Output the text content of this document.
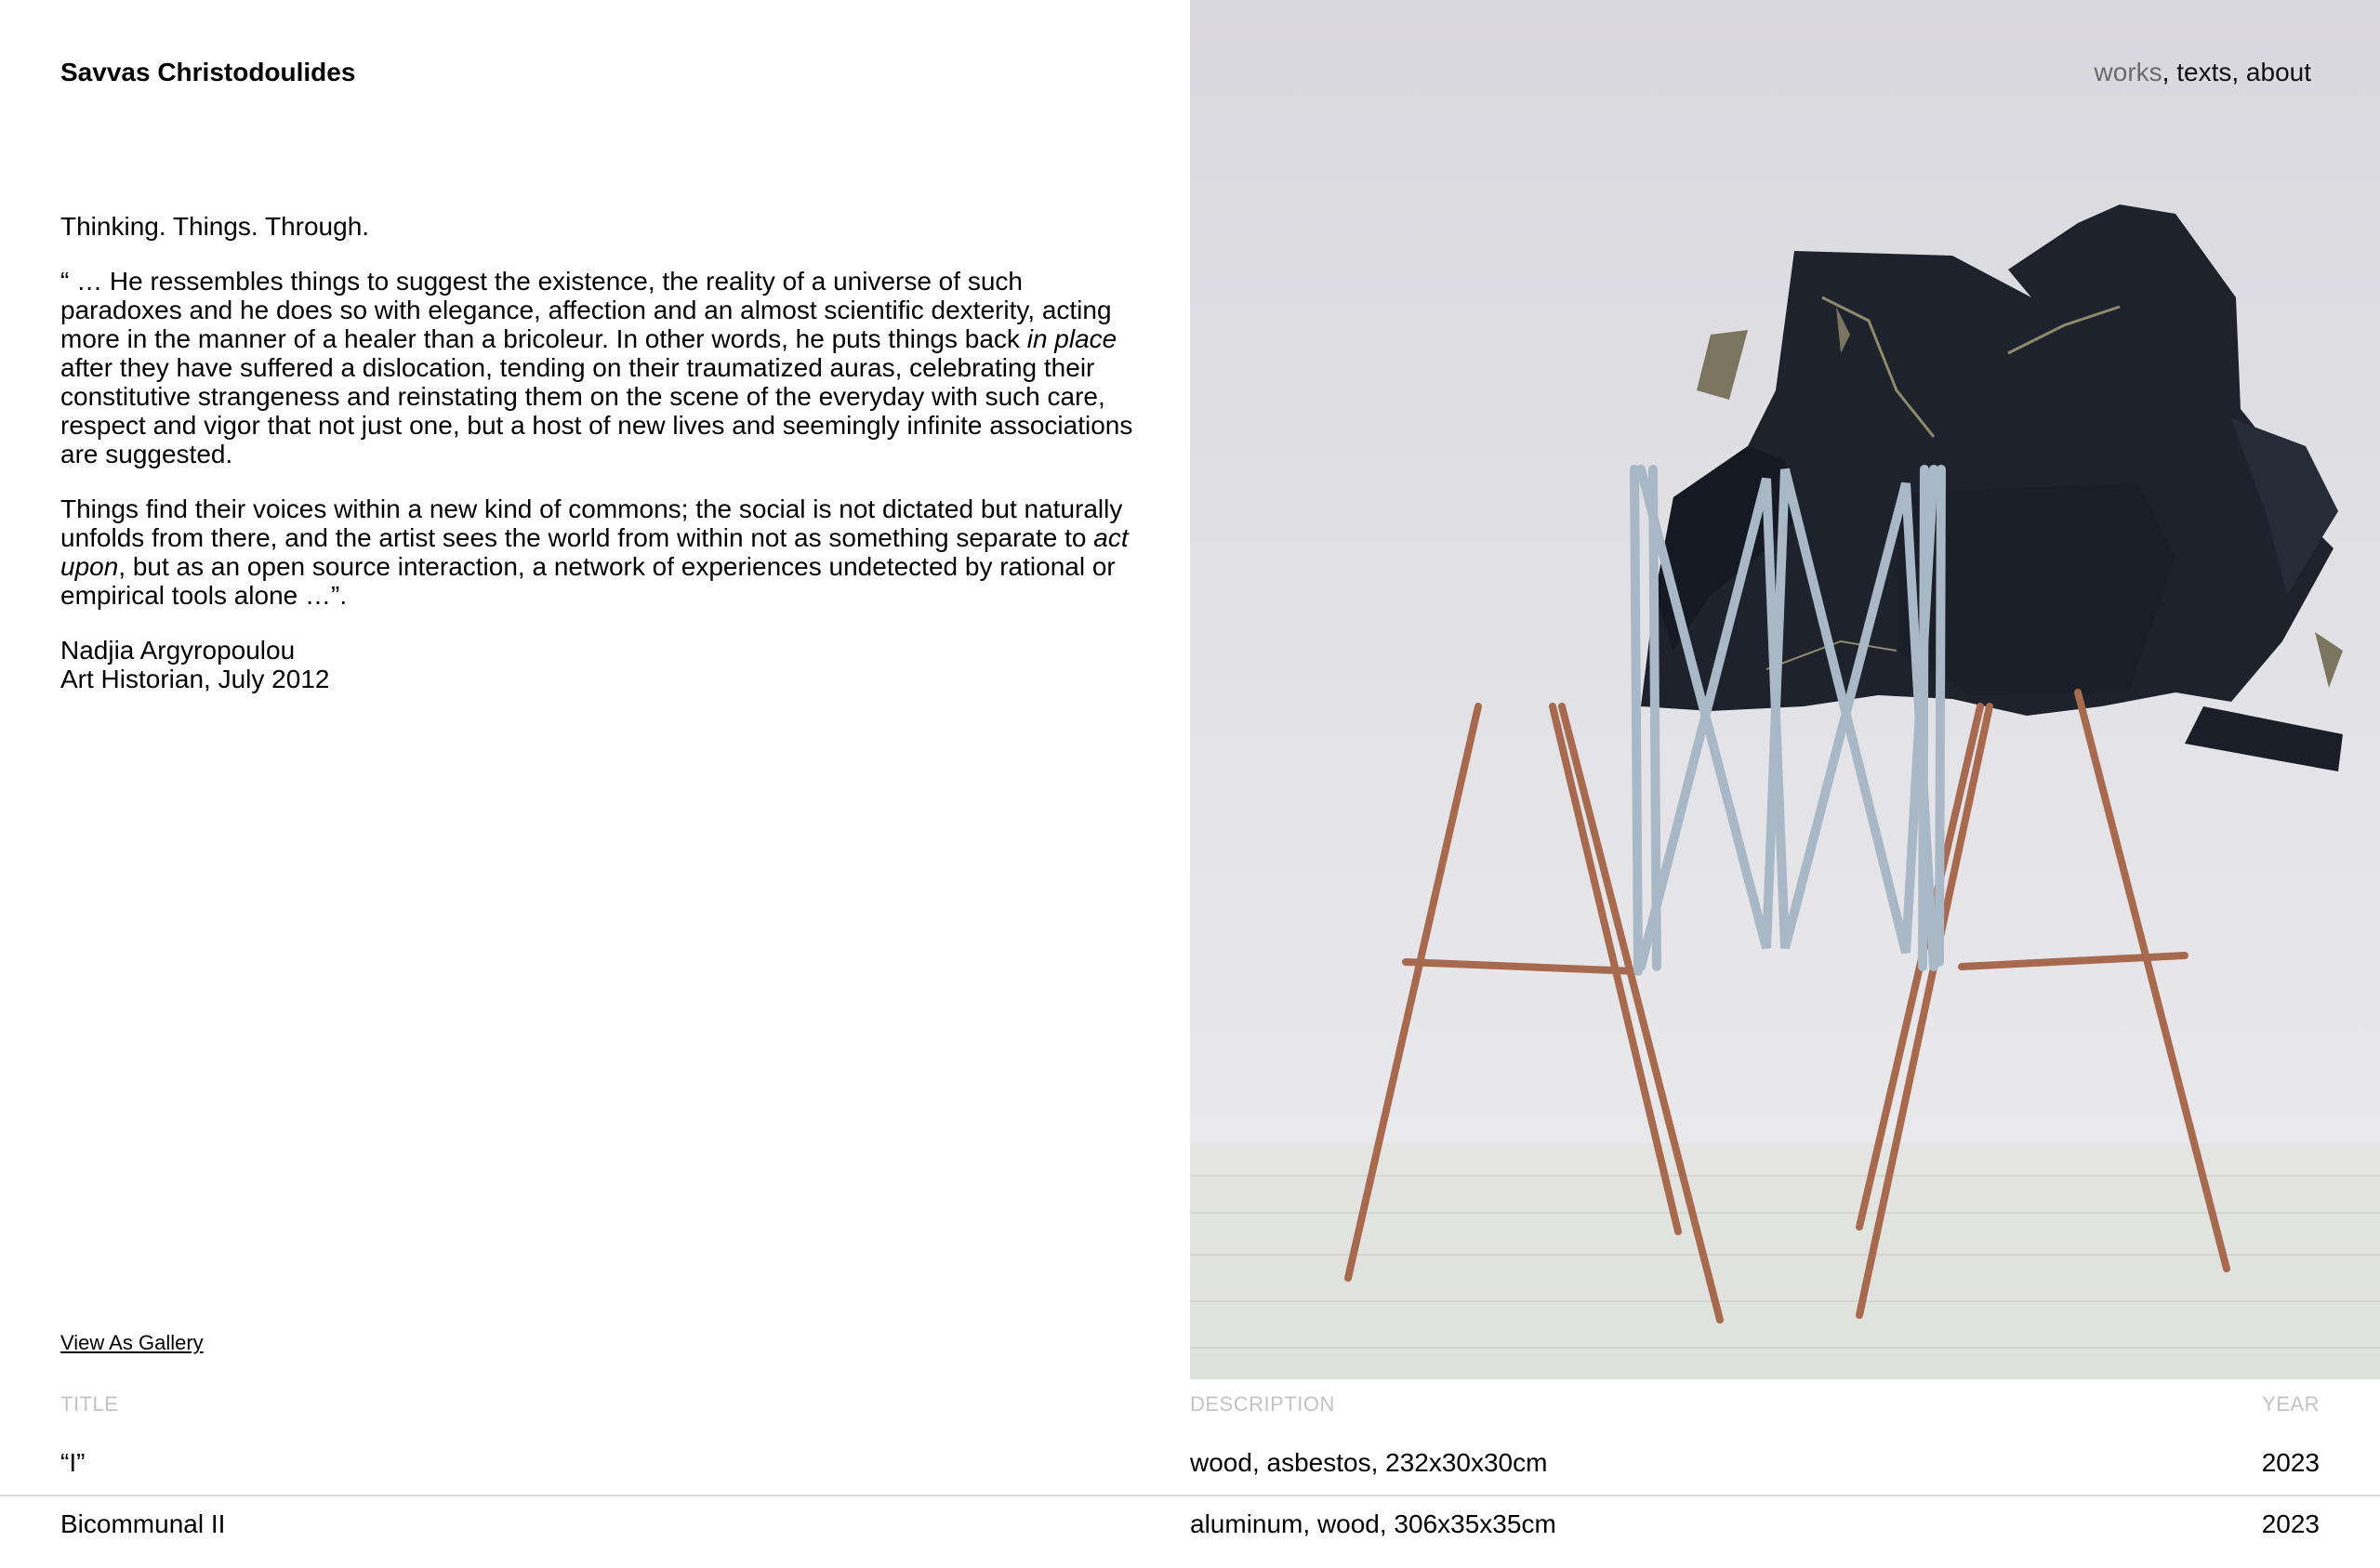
Savvas Christodoulides

Thinking. Things. Through.

“ … He ressembles things to suggest the existence, the reality of a universe of such paradoxes and he does so with elegance, affection and an almost scientific dexterity, acting more in the manner of a healer than a bricoleur. In other words, he puts things back in place after they have suffered a dislocation, tending on their traumatized auras, celebrating their constitutive strangeness and reinstating them on the scene of the everyday with such care, respect and vigor that not just one, but a host of new lives and seemingly infinite associations are suggested.

Things find their voices within a new kind of commons; the social is not dictated but naturally unfolds from there, and the artist sees the world from within not as something separate to act upon, but as an open source interaction, a network of experiences undetected by rational or empirical tools alone …”.

Nadjia Argyropoulou
Art Historian, July 2012

View As Gallery
works, texts, about
TITLE	DESCRIPTION	YEAR
“I”	wood, asbestos, 232x30x30cm	2023
Bicommunal II	aluminum, wood, 306x35x35cm	2023
